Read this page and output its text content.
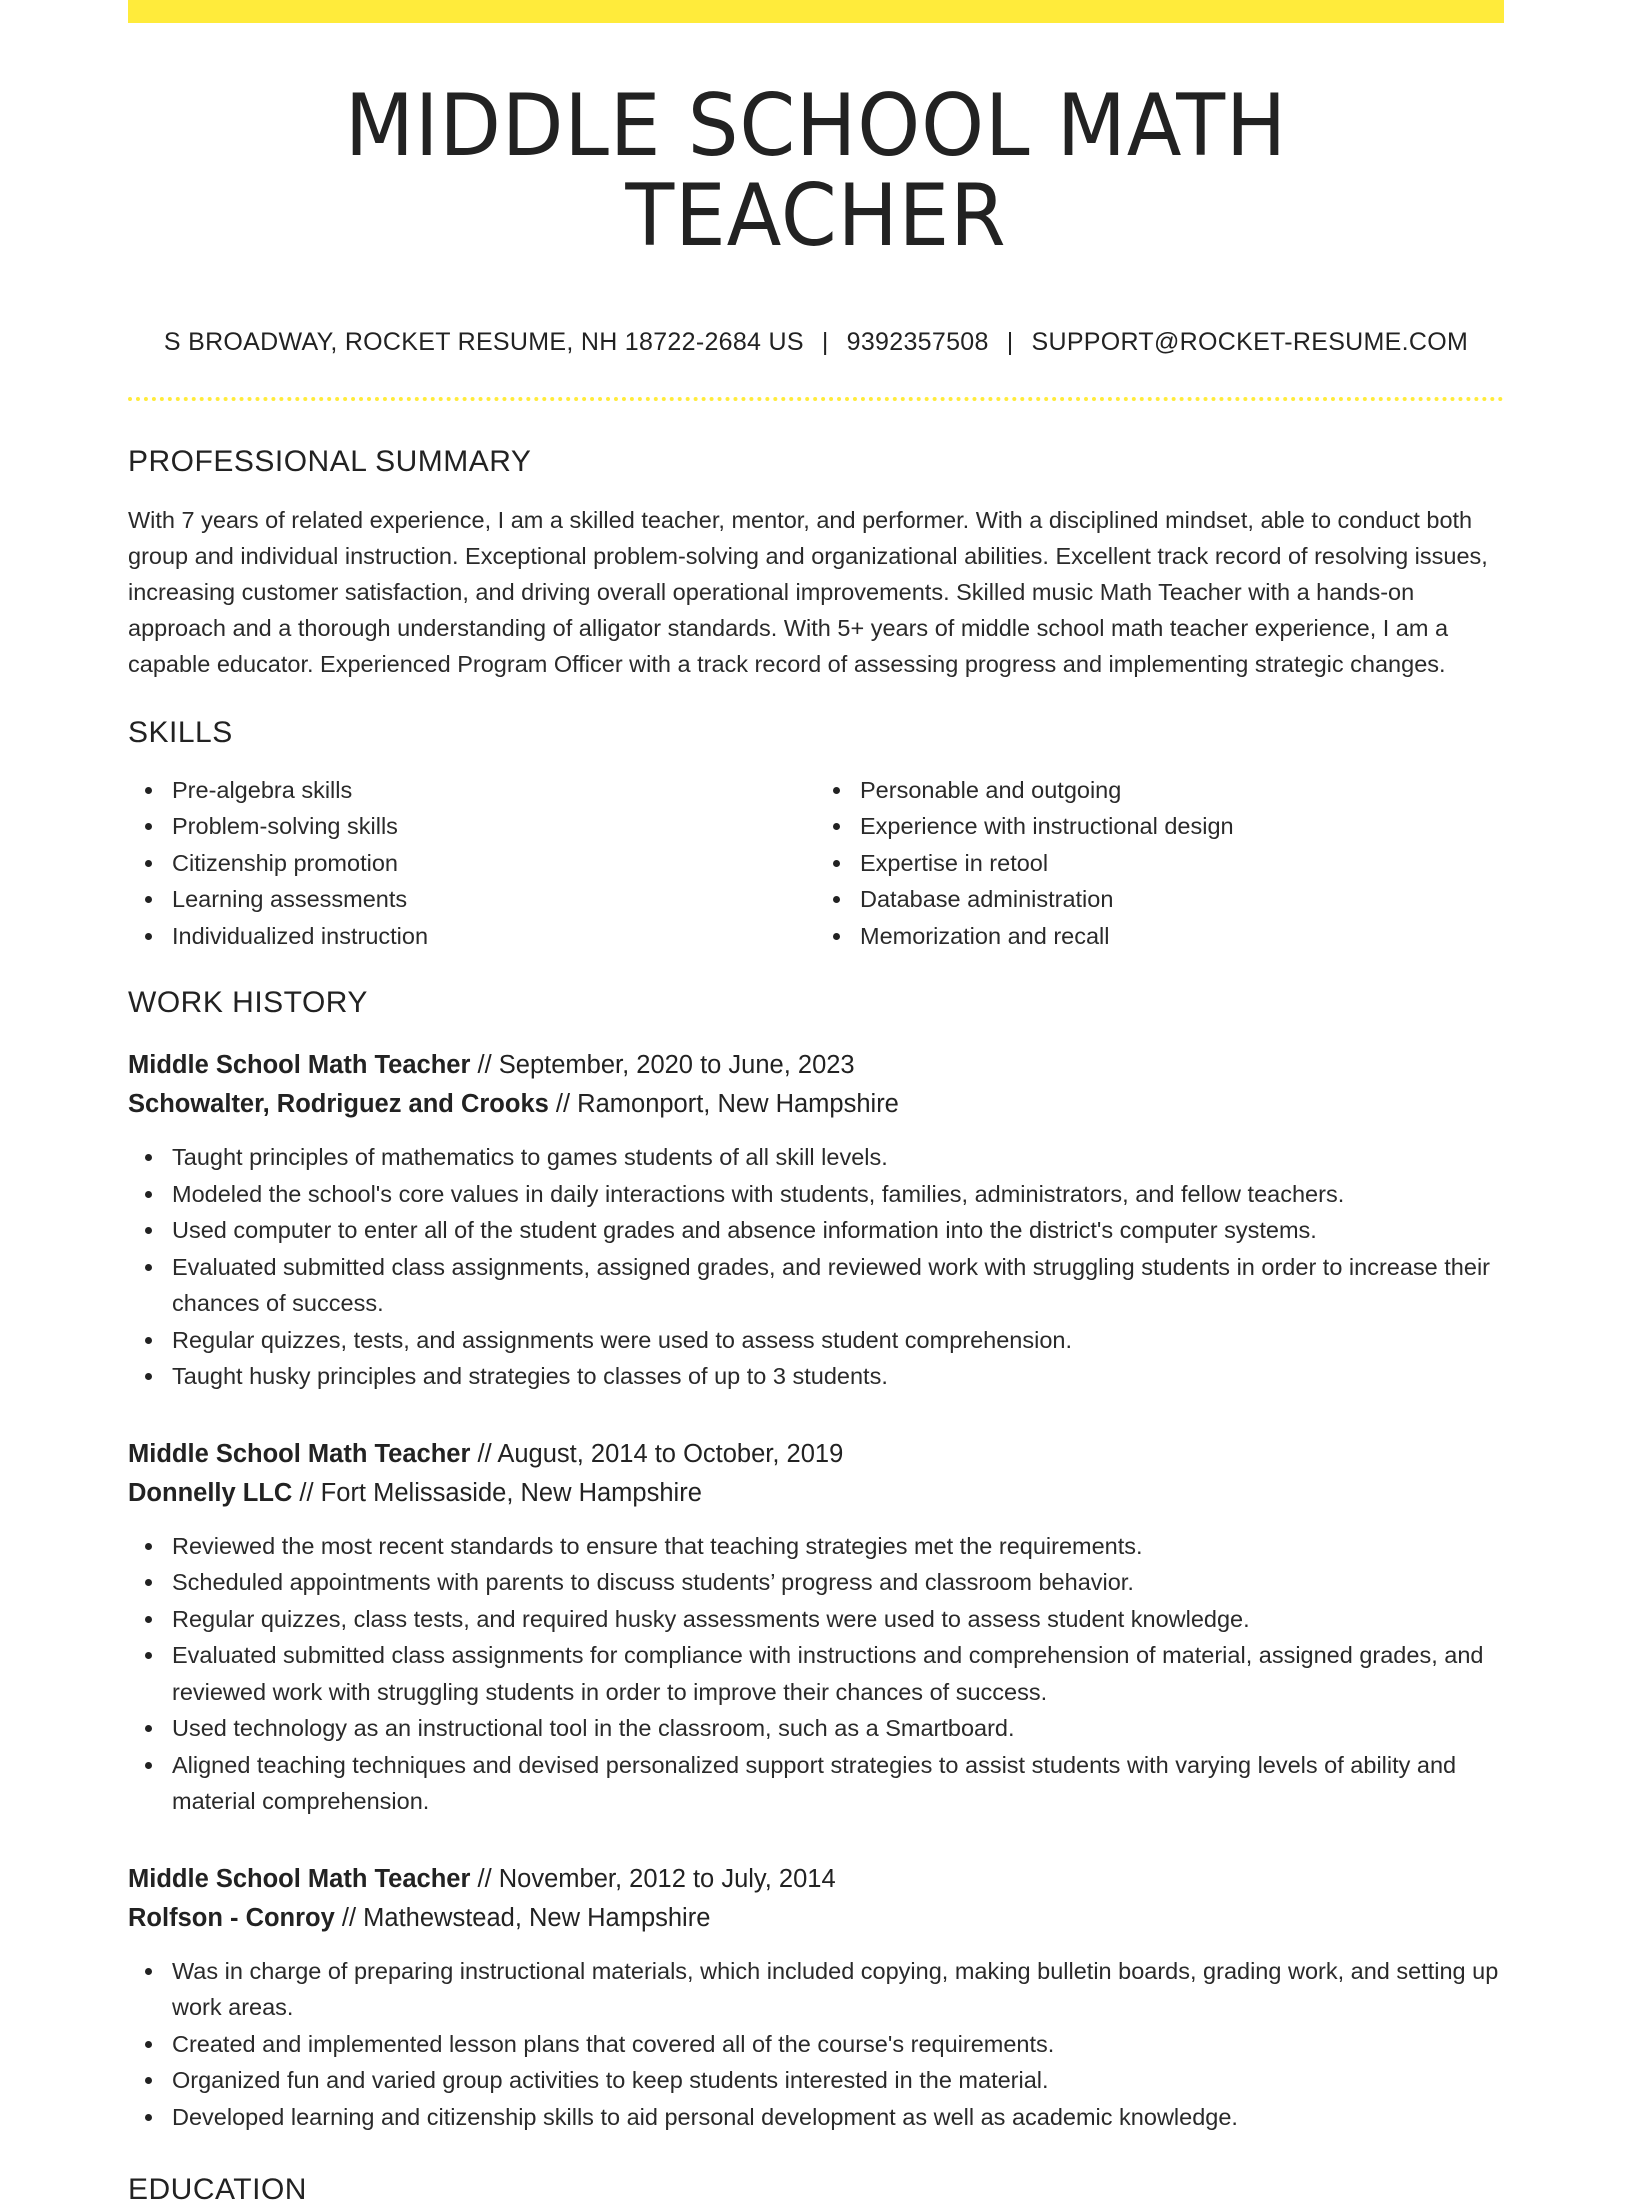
MIDDLE SCHOOL MATH TEACHER
S BROADWAY, ROCKET RESUME, NH 18722-2684 US | 9392357508 | SUPPORT@ROCKET-RESUME.COM
PROFESSIONAL SUMMARY
With 7 years of related experience, I am a skilled teacher, mentor, and performer. With a disciplined mindset, able to conduct both group and individual instruction. Exceptional problem-solving and organizational abilities. Excellent track record of resolving issues, increasing customer satisfaction, and driving overall operational improvements. Skilled music Math Teacher with a hands-on approach and a thorough understanding of alligator standards. With 5+ years of middle school math teacher experience, I am a capable educator. Experienced Program Officer with a track record of assessing progress and implementing strategic changes.
SKILLS
Pre-algebra skills
Problem-solving skills
Citizenship promotion
Learning assessments
Individualized instruction
Personable and outgoing
Experience with instructional design
Expertise in retool
Database administration
Memorization and recall
WORK HISTORY
Middle School Math Teacher // September, 2020 to June, 2023
Schowalter, Rodriguez and Crooks // Ramonport, New Hampshire
Taught principles of mathematics to games students of all skill levels.
Modeled the school's core values in daily interactions with students, families, administrators, and fellow teachers.
Used computer to enter all of the student grades and absence information into the district's computer systems.
Evaluated submitted class assignments, assigned grades, and reviewed work with struggling students in order to increase their chances of success.
Regular quizzes, tests, and assignments were used to assess student comprehension.
Taught husky principles and strategies to classes of up to 3 students.
Middle School Math Teacher // August, 2014 to October, 2019
Donnelly LLC // Fort Melissaside, New Hampshire
Reviewed the most recent standards to ensure that teaching strategies met the requirements.
Scheduled appointments with parents to discuss students’ progress and classroom behavior.
Regular quizzes, class tests, and required husky assessments were used to assess student knowledge.
Evaluated submitted class assignments for compliance with instructions and comprehension of material, assigned grades, and reviewed work with struggling students in order to improve their chances of success.
Used technology as an instructional tool in the classroom, such as a Smartboard.
Aligned teaching techniques and devised personalized support strategies to assist students with varying levels of ability and material comprehension.
Middle School Math Teacher // November, 2012 to July, 2014
Rolfson - Conroy // Mathewstead, New Hampshire
Was in charge of preparing instructional materials, which included copying, making bulletin boards, grading work, and setting up work areas.
Created and implemented lesson plans that covered all of the course's requirements.
Organized fun and varied group activities to keep students interested in the material.
Developed learning and citizenship skills to aid personal development as well as academic knowledge.
EDUCATION
